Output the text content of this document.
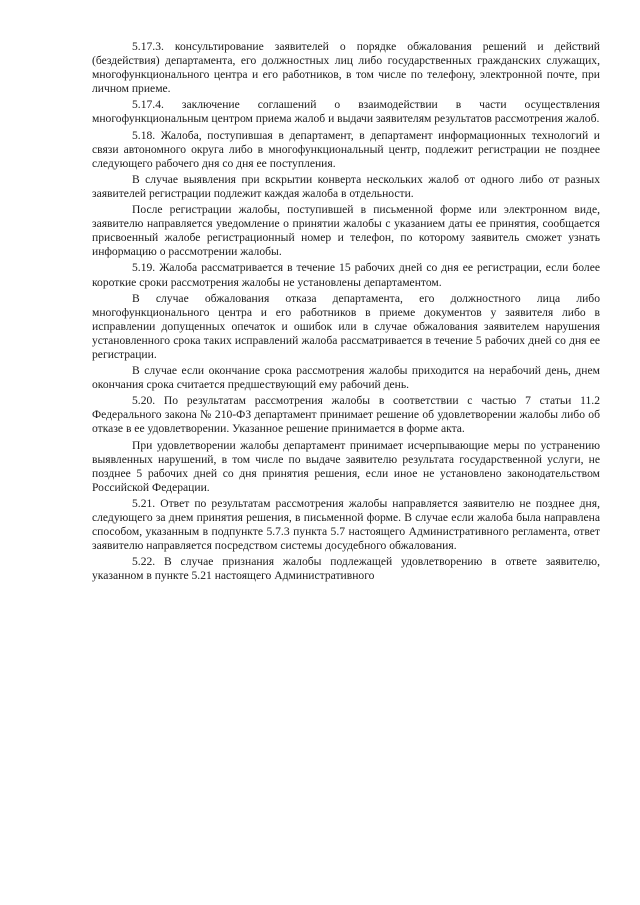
5.17.3. консультирование заявителей о порядке обжалования решений и действий (бездействия) департамента, его должностных лиц либо государственных гражданских служащих, многофункционального центра и его работников, в том числе по телефону, электронной почте, при личном приеме.

5.17.4. заключение соглашений о взаимодействии в части осуществления многофункциональным центром приема жалоб и выдачи заявителям результатов рассмотрения жалоб.

5.18. Жалоба, поступившая в департамент, в департамент информационных технологий и связи автономного округа либо в многофункциональный центр, подлежит регистрации не позднее следующего рабочего дня со дня ее поступления.

В случае выявления при вскрытии конверта нескольких жалоб от одного либо от разных заявителей регистрации подлежит каждая жалоба в отдельности.

После регистрации жалобы, поступившей в письменной форме или электронном виде, заявителю направляется уведомление о принятии жалобы с указанием даты ее принятия, сообщается присвоенный жалобе регистрационный номер и телефон, по которому заявитель сможет узнать информацию о рассмотрении жалобы.

5.19. Жалоба рассматривается в течение 15 рабочих дней со дня ее регистрации, если более короткие сроки рассмотрения жалобы не установлены департаментом.

В случае обжалования отказа департамента, его должностного лица либо многофункционального центра и его работников в приеме документов у заявителя либо в исправлении допущенных опечаток и ошибок или в случае обжалования заявителем нарушения установленного срока таких исправлений жалоба рассматривается в течение 5 рабочих дней со дня ее регистрации.

В случае если окончание срока рассмотрения жалобы приходится на нерабочий день, днем окончания срока считается предшествующий ему рабочий день.

5.20. По результатам рассмотрения жалобы в соответствии с частью 7 статьи 11.2 Федерального закона № 210-ФЗ департамент принимает решение об удовлетворении жалобы либо об отказе в ее удовлетворении. Указанное решение принимается в форме акта.

При удовлетворении жалобы департамент принимает исчерпывающие меры по устранению выявленных нарушений, в том числе по выдаче заявителю результата государственной услуги, не позднее 5 рабочих дней со дня принятия решения, если иное не установлено законодательством Российской Федерации.

5.21. Ответ по результатам рассмотрения жалобы направляется заявителю не позднее дня, следующего за днем принятия решения, в письменной форме. В случае если жалоба была направлена способом, указанным в подпункте 5.7.3 пункта 5.7 настоящего Административного регламента, ответ заявителю направляется посредством системы досудебного обжалования.

5.22. В случае признания жалобы подлежащей удовлетворению в ответе заявителю, указанном в пункте 5.21 настоящего Административного
